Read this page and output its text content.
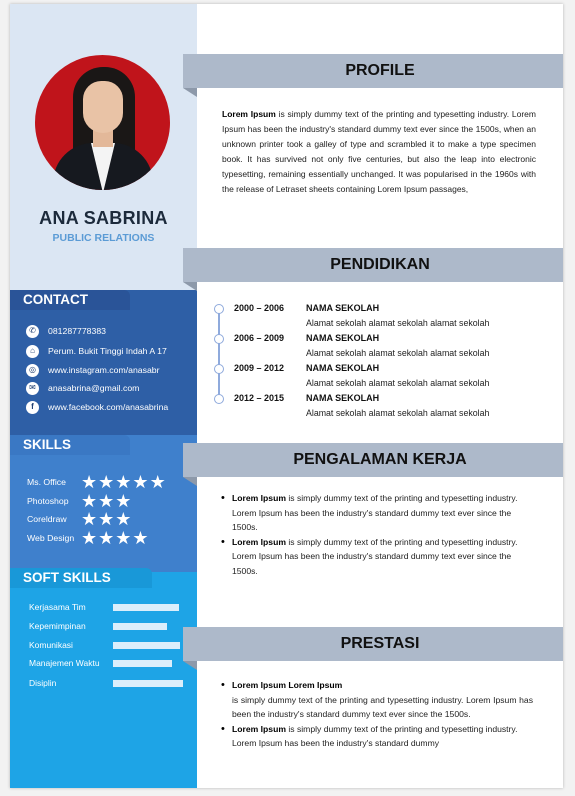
ANA SABRINA
PUBLIC RELATIONS
CONTACT
✆ 081287778383
⌂ Perum. Bukit Tinggi Indah A 17
◎ www.instagram.com/anasabr
✉ anasabrina@gmail.com
f www.facebook.com/anasabrina
SKILLS
Ms. Office ★ ★ ★ ★ ★
Photoshop ★ ★ ★
Coreldraw ★ ★ ★
Web Design ★ ★ ★ ★
SOFT SKILLS
Kerjasama Tim
Kepemimpinan
Komunikasi
Manajemen Waktu
Disiplin
PROFILE
Lorem Ipsum is simply dummy text of the printing and typesetting industry. Lorem Ipsum has been the industry's standard dummy text ever since the 1500s, when an unknown printer took a galley of type and scrambled it to make a type specimen book. It has survived not only five centuries, but also the leap into electronic typesetting, remaining essentially unchanged. It was popularised in the 1960s with the release of Letraset sheets containing Lorem Ipsum passages,
PENDIDIKAN
2000 – 2006 NAMA SEKOLAH
Alamat sekolah alamat sekolah alamat sekolah
2006 – 2009 NAMA SEKOLAH
Alamat sekolah alamat sekolah alamat sekolah
2009 – 2012 NAMA SEKOLAH
Alamat sekolah alamat sekolah alamat sekolah
2012 – 2015 NAMA SEKOLAH
Alamat sekolah alamat sekolah alamat sekolah
PENGALAMAN KERJA
• Lorem Ipsum is simply dummy text of the printing and typesetting industry. Lorem Ipsum has been the industry's standard dummy text ever since the 1500s.
• Lorem Ipsum is simply dummy text of the printing and typesetting industry. Lorem Ipsum has been the industry's standard dummy text ever since the 1500s.
PRESTASI
• Lorem Ipsum Lorem Ipsum
is simply dummy text of the printing and typesetting industry. Lorem Ipsum has been the industry's standard dummy text ever since the 1500s.
• Lorem Ipsum is simply dummy text of the printing and typesetting industry. Lorem Ipsum has been the industry's standard dummy
